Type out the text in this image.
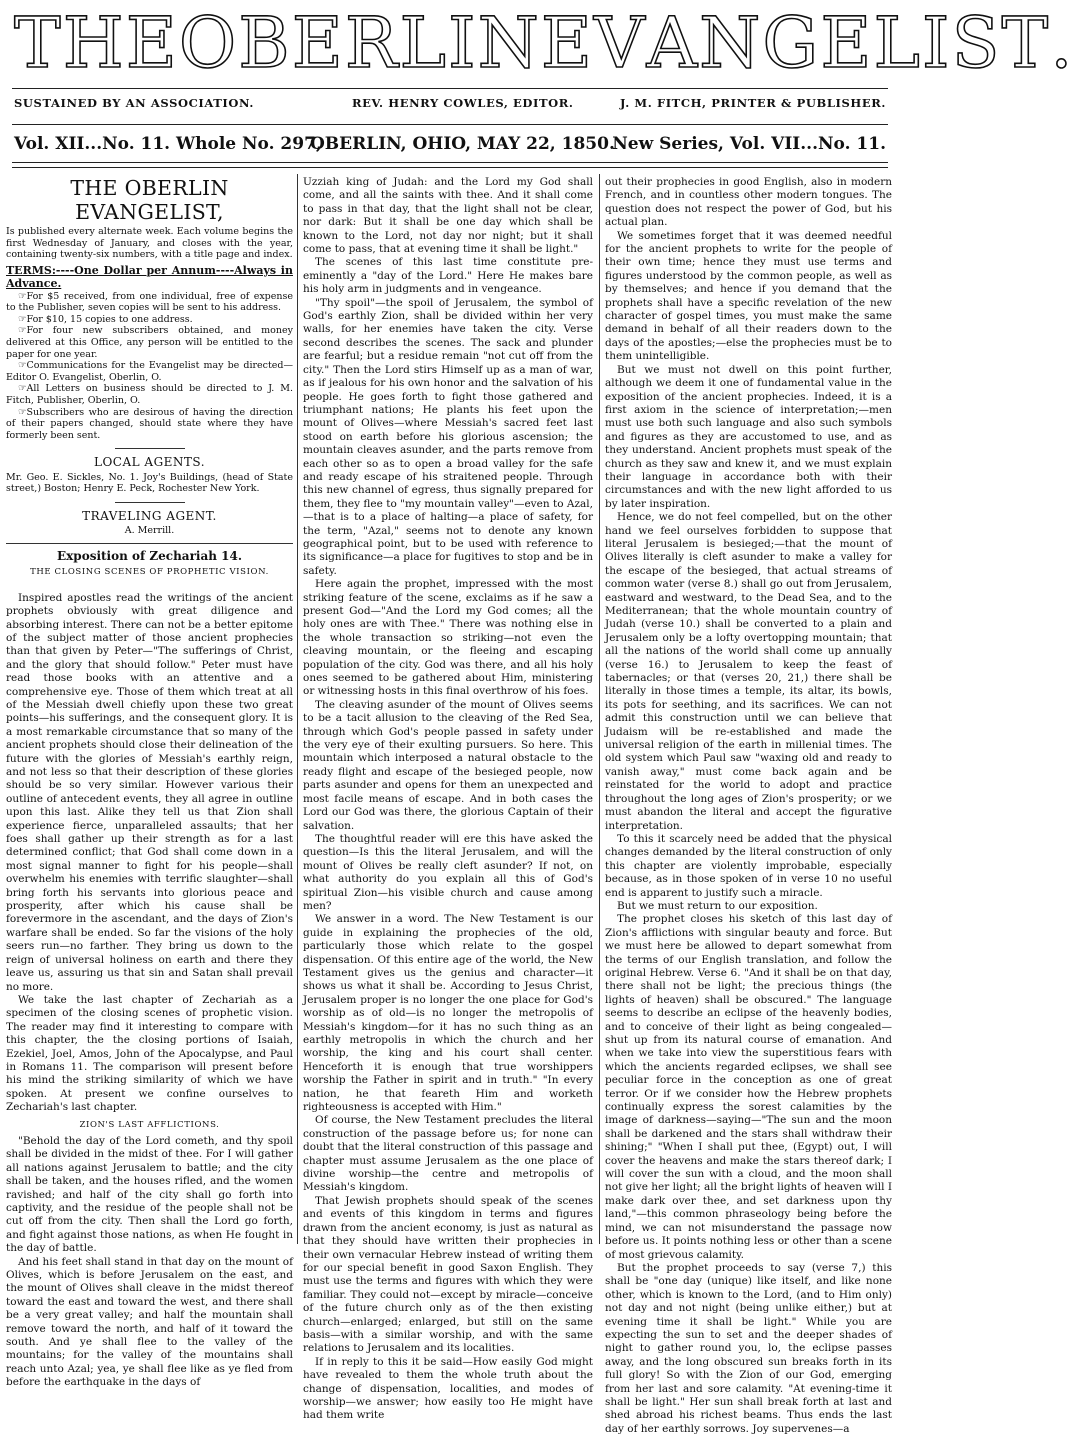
T H E O B E R L I N E V A N G E L I S T .
SUSTAINED BY AN ASSOCIATION.	REV. HENRY COWLES, EDITOR.	J. M. FITCH, PRINTER & PUBLISHER.
Vol. XII...No. 11. Whole No. 297,
OBERLIN, OHIO, MAY 22, 1850.
New Series, Vol. VII...No. 11.
THE OBERLIN EVANGELIST,

Is published every alternate week. Each volume begins the first Wednesday of January, and closes with the year, containing twenty-six numbers, with a title page and index.

TERMS:----One Dollar per Annum----Always in Advance.

☞For $5 received, from one individual, free of expense to the Publisher, seven copies will be sent to his address.

☞For $10, 15 copies to one address.

☞For four new subscribers obtained, and money delivered at this Office, any person will be entitled to the paper for one year.

☞Communications for the Evangelist may be directed—Editor O. Evangelist, Oberlin, O.

☞All Letters on business should be directed to J. M. Fitch, Publisher, Oberlin, O.

☞Subscribers who are desirous of having the direction of their papers changed, should state where they have formerly been sent.

LOCAL AGENTS.

Mr. Geo. E. Sickles, No. 1. Joy's Buildings, (head of State street,) Boston; Henry E. Peck, Rochester New York.

TRAVELING AGENT.

A. Merrill.

Exposition of Zechariah 14.
THE CLOSING SCENES OF PROPHETIC VISION.

Inspired apostles read the writings of the ancient prophets obviously with great diligence and absorbing interest. There can not be a better epitome of the subject matter of those ancient prophecies than that given by Peter—"The sufferings of Christ, and the glory that should follow." Peter must have read those books with an attentive and a comprehensive eye. Those of them which treat at all of the Messiah dwell chiefly upon these two great points—his sufferings, and the consequent glory. It is a most remarkable circumstance that so many of the ancient prophets should close their delineation of the future with the glories of Messiah's earthly reign, and not less so that their description of these glories should be so very similar. However various their outline of antecedent events, they all agree in outline upon this last. Alike they tell us that Zion shall experience fierce, unparalleled assaults; that her foes shall gather up their strength as for a last determined conflict; that God shall come down in a most signal manner to fight for his people—shall overwhelm his enemies with terrific slaughter—shall bring forth his servants into glorious peace and prosperity, after which his cause shall be forevermore in the ascendant, and the days of Zion's warfare shall be ended. So far the visions of the holy seers run—no farther. They bring us down to the reign of universal holiness on earth and there they leave us, assuring us that sin and Satan shall prevail no more.

We take the last chapter of Zechariah as a specimen of the closing scenes of prophetic vision. The reader may find it interesting to compare with this chapter, the the closing portions of Isaiah, Ezekiel, Joel, Amos, John of the Apocalypse, and Paul in Romans 11. The comparison will present before his mind the striking similarity of which we have spoken. At present we confine ourselves to Zechariah's last chapter.

ZION'S LAST AFFLICTIONS.

"Behold the day of the Lord cometh, and thy spoil shall be divided in the midst of thee. For I will gather all nations against Jerusalem to battle; and the city shall be taken, and the houses rifled, and the women ravished; and half of the city shall go forth into captivity, and the residue of the people shall not be cut off from the city. Then shall the Lord go forth, and fight against those nations, as when He fought in the day of battle.

And his feet shall stand in that day on the mount of Olives, which is before Jerusalem on the east, and the mount of Olives shall cleave in the midst thereof toward the east and toward the west, and there shall be a very great valley; and half the mountain shall remove toward the north, and half of it toward the south. And ye shall flee to the valley of the mountains; for the valley of the mountains shall reach unto Azal; yea, ye shall flee like as ye fled from before the earthquake in the days of

Uzziah king of Judah: and the Lord my God shall come, and all the saints with thee. And it shall come to pass in that day, that the light shall not be clear, nor dark: But it shall be one day which shall be known to the Lord, not day nor night; but it shall come to pass, that at evening time it shall be light."

The scenes of this last time constitute pre-eminently a "day of the Lord." Here He makes bare his holy arm in judgments and in vengeance.

"Thy spoil"—the spoil of Jerusalem, the symbol of God's earthly Zion, shall be divided within her very walls, for her enemies have taken the city. Verse second describes the scenes. The sack and plunder are fearful; but a residue remain "not cut off from the city." Then the Lord stirs Himself up as a man of war, as if jealous for his own honor and the salvation of his people. He goes forth to fight those gathered and triumphant nations; He plants his feet upon the mount of Olives—where Messiah's sacred feet last stood on earth before his glorious ascension; the mountain cleaves asunder, and the parts remove from each other so as to open a broad valley for the safe and ready escape of his straitened people. Through this new channel of egress, thus signally prepared for them, they flee to "my mountain valley"—even to Azal,—that is to a place of halting—a place of safety, for the term, "Azal," seems not to denote any known geographical point, but to be used with reference to its significance—a place for fugitives to stop and be in safety.

Here again the prophet, impressed with the most striking feature of the scene, exclaims as if he saw a present God—"And the Lord my God comes; all the holy ones are with Thee." There was nothing else in the whole transaction so striking—not even the cleaving mountain, or the fleeing and escaping population of the city. God was there, and all his holy ones seemed to be gathered about Him, ministering or witnessing hosts in this final overthrow of his foes.

The cleaving asunder of the mount of Olives seems to be a tacit allusion to the cleaving of the Red Sea, through which God's people passed in safety under the very eye of their exulting pursuers. So here. This mountain which interposed a natural obstacle to the ready flight and escape of the besieged people, now parts asunder and opens for them an unexpected and most facile means of escape. And in both cases the Lord our God was there, the glorious Captain of their salvation.

The thoughtful reader will ere this have asked the question—Is this the literal Jerusalem, and will the mount of Olives be really cleft asunder? If not, on what authority do you explain all this of God's spiritual Zion—his visible church and cause among men?

We answer in a word. The New Testament is our guide in explaining the prophecies of the old, particularly those which relate to the gospel dispensation. Of this entire age of the world, the New Testament gives us the genius and character—it shows us what it shall be. According to Jesus Christ, Jerusalem proper is no longer the one place for God's worship as of old—is no longer the metropolis of Messiah's kingdom—for it has no such thing as an earthly metropolis in which the church and her worship, the king and his court shall center. Henceforth it is enough that true worshippers worship the Father in spirit and in truth." "In every nation, he that feareth Him and worketh righteousness is accepted with Him."

Of course, the New Testament precludes the literal construction of the passage before us; for none can doubt that the literal construction of this passage and chapter must assume Jerusalem as the one place of divine worship—the centre and metropolis of Messiah's kingdom.

That Jewish prophets should speak of the scenes and events of this kingdom in terms and figures drawn from the ancient economy, is just as natural as that they should have written their prophecies in their own vernacular Hebrew instead of writing them for our special benefit in good Saxon English. They must use the terms and figures with which they were familiar. They could not—except by miracle—conceive of the future church only as of the then existing church—enlarged; enlarged, but still on the same basis—with a similar worship, and with the same relations to Jerusalem and its localities.

If in reply to this it be said—How easily God might have revealed to them the whole truth about the change of dispensation, localities, and modes of worship—we answer; how easily too He might have had them write

out their prophecies in good English, also in modern French, and in countless other modern tongues. The question does not respect the power of God, but his actual plan.

We sometimes forget that it was deemed needful for the ancient prophets to write for the people of their own time; hence they must use terms and figures understood by the common people, as well as by themselves; and hence if you demand that the prophets shall have a specific revelation of the new character of gospel times, you must make the same demand in behalf of all their readers down to the days of the apostles;—else the prophecies must be to them unintelligible.

But we must not dwell on this point further, although we deem it one of fundamental value in the exposition of the ancient prophecies. Indeed, it is a first axiom in the science of interpretation;—men must use both such language and also such symbols and figures as they are accustomed to use, and as they understand. Ancient prophets must speak of the church as they saw and knew it, and we must explain their language in accordance both with their circumstances and with the new light afforded to us by later inspiration.

Hence, we do not feel compelled, but on the other hand we feel ourselves forbidden to suppose that literal Jerusalem is besieged;—that the mount of Olives literally is cleft asunder to make a valley for the escape of the besieged, that actual streams of common water (verse 8.) shall go out from Jerusalem, eastward and westward, to the Dead Sea, and to the Mediterranean; that the whole mountain country of Judah (verse 10.) shall be converted to a plain and Jerusalem only be a lofty overtopping mountain; that all the nations of the world shall come up annually (verse 16.) to Jerusalem to keep the feast of tabernacles; or that (verses 20, 21,) there shall be literally in those times a temple, its altar, its bowls, its pots for seething, and its sacrifices. We can not admit this construction until we can believe that Judaism will be re-established and made the universal religion of the earth in millenial times. The old system which Paul saw "waxing old and ready to vanish away," must come back again and be reinstated for the world to adopt and practice throughout the long ages of Zion's prosperity; or we must abandon the literal and accept the figurative interpretation.

To this it scarcely need be added that the physical changes demanded by the literal construction of only this chapter are violently improbable, especially because, as in those spoken of in verse 10 no useful end is apparent to justify such a miracle.

But we must return to our exposition.

The prophet closes his sketch of this last day of Zion's afflictions with singular beauty and force. But we must here be allowed to depart somewhat from the terms of our English translation, and follow the original Hebrew. Verse 6. "And it shall be on that day, there shall not be light; the precious things (the lights of heaven) shall be obscured." The language seems to describe an eclipse of the heavenly bodies, and to conceive of their light as being congealed—shut up from its natural course of emanation. And when we take into view the superstitious fears with which the ancients regarded eclipses, we shall see peculiar force in the conception as one of great terror. Or if we consider how the Hebrew prophets continually express the sorest calamities by the image of darkness—saying—"The sun and the moon shall be darkened and the stars shall withdraw their shining;" "When I shall put thee, (Egypt) out, I will cover the heavens and make the stars thereof dark; I will cover the sun with a cloud, and the moon shall not give her light; all the bright lights of heaven will I make dark over thee, and set darkness upon thy land,"—this common phraseology being before the mind, we can not misunderstand the passage now before us. It points nothing less or other than a scene of most grievous calamity.

But the prophet proceeds to say (verse 7,) this shall be "one day (unique) like itself, and like none other, which is known to the Lord, (and to Him only) not day and not night (being unlike either,) but at evening time it shall be light." While you are expecting the sun to set and the deeper shades of night to gather round you, lo, the eclipse passes away, and the long obscured sun breaks forth in its full glory! So with the Zion of our God, emerging from her last and sore calamity. "At evening-time it shall be light." Her sun shall break forth at last and shed abroad his richest beams. Thus ends the last day of her earthly sorrows. Joy supervenes—a
